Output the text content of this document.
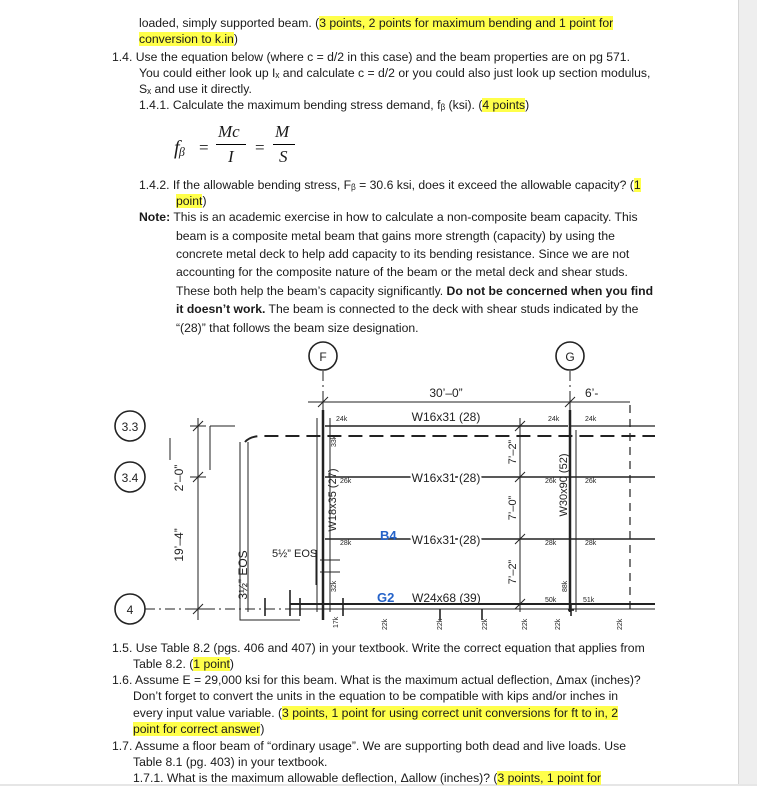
loaded, simply supported beam. (3 points, 2 points for maximum bending and 1 point for
conversion to k.in)
1.4. Use the equation below (where c = d/2 in this case) and the beam properties are on pg 571.
You could either look up Iₓ and calculate c = d/2 or you could also just look up section modulus,
Sₓ and use it directly.
1.4.1. Calculate the maximum bending stress demand, fᵦ (ksi). (4 points)
fᵦ =
Mc
I =
M
S
1.4.2. If the allowable bending stress, Fᵦ = 30.6 ksi, does it exceed the allowable capacity? (1
point)
Note: This is an academic exercise in how to calculate a non-composite beam capacity. This
beam is a composite metal beam that gains more strength (capacity) by using the
concrete metal deck to help add capacity to its bending resistance. Since we are not
accounting for the composite nature of the beam or the metal deck and shear studs.
These both help the beam’s capacity significantly. Do not be concerned when you find
it doesn’t work. The beam is connected to the deck with shear studs indicated by the
“(28)” that follows the beam size designation.
F	G
3.3
3.4
4
30’–0”	6’-
W16x31 (28)
24k	24k	24k
2’–0”
19’–4”
3½” EOS
W18x35 (27)
33k
32k
W30x90 (52)
88k
7’–2”
7’–0”
7’–2”
W16x31 (28)
26k	26k	26k
W16x31 (28)
B4
28k	28k	28k
5½” EOS
G2 W24x68 (39)	50k	51k
22k	22k	22k	22k	22k	22k
17k
1.5. Use Table 8.2 (pgs. 406 and 407) in your textbook. Write the correct equation that applies from
Table 8.2. (1 point)
1.6. Assume E = 29,000 ksi for this beam. What is the maximum actual deflection, Δmax (inches)?
Don’t forget to convert the units in the equation to be compatible with kips and/or inches in
every input value variable. (3 points, 1 point for using correct unit conversions for ft to in, 2
point for correct answer)
1.7. Assume a floor beam of “ordinary usage”. We are supporting both dead and live loads. Use
Table 8.1 (pg. 403) in your textbook.
1.7.1. What is the maximum allowable deflection, Δallow (inches)? (3 points, 1 point for
